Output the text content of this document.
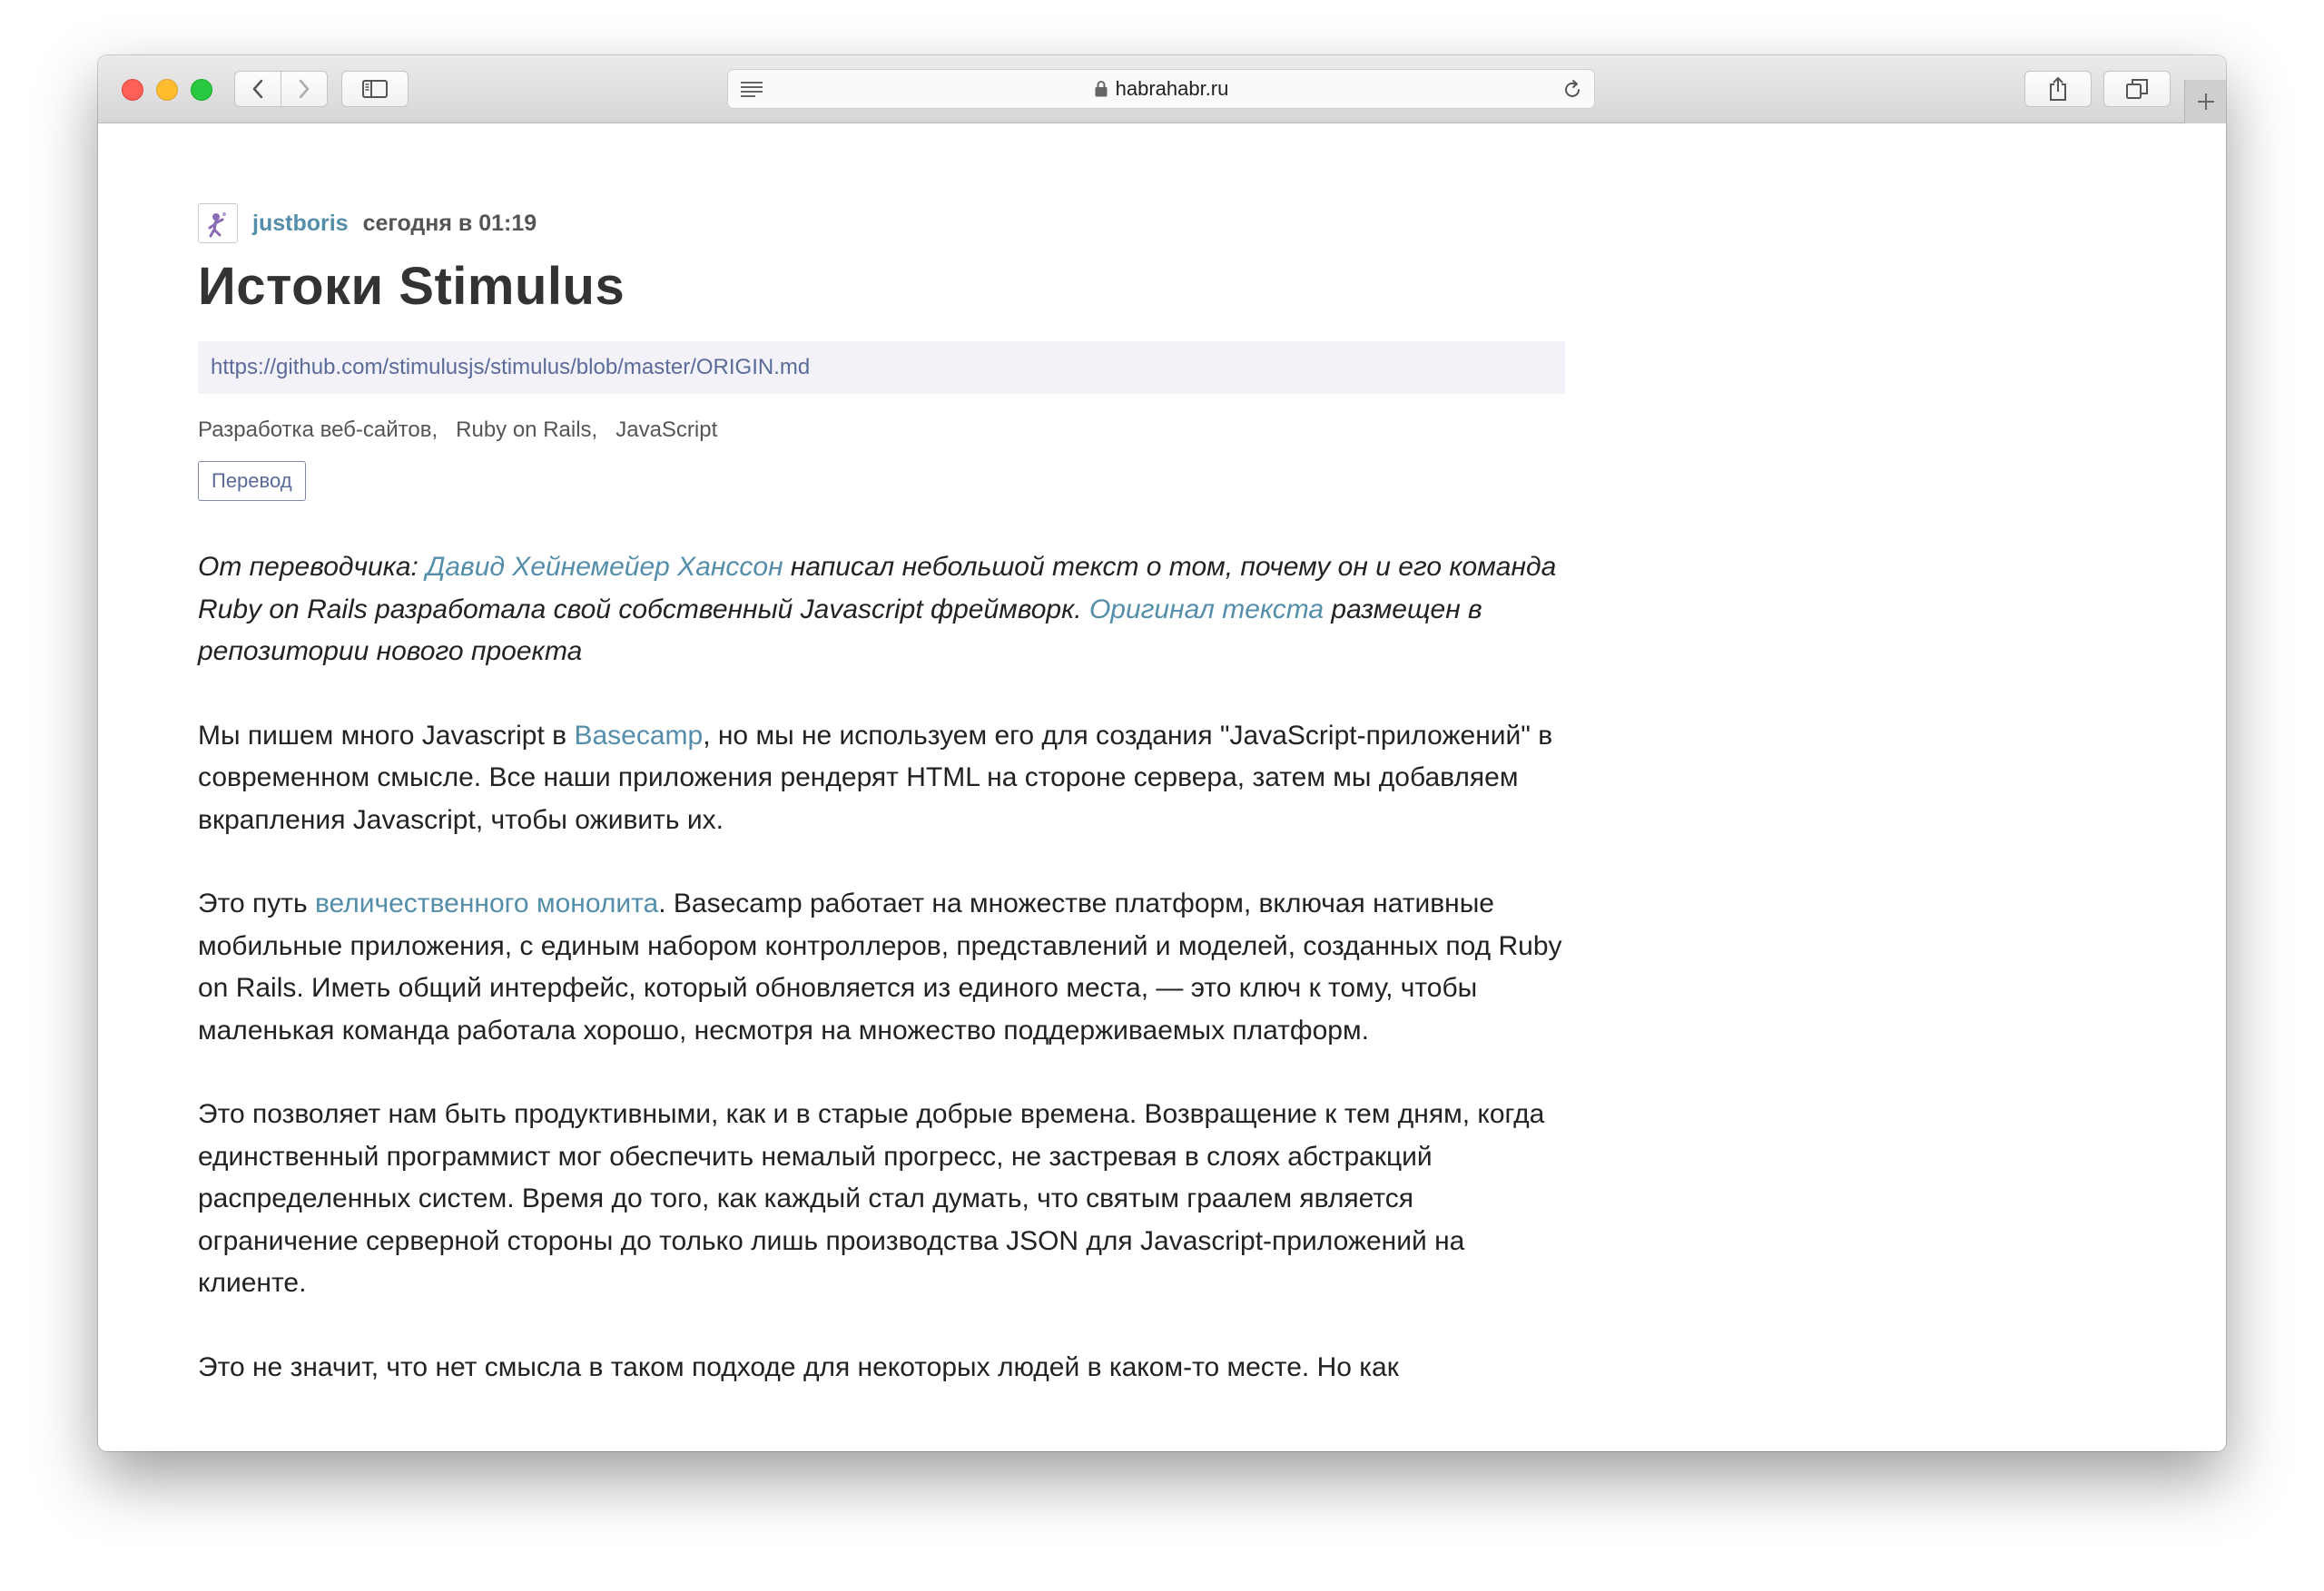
habrahabr.ru
justboris сегодня в 01:19
Истоки Stimulus
https://github.com/stimulusjs/stimulus/blob/master/ORIGIN.md
Разработка веб-сайтов, Ruby on Rails, JavaScript
Перевод

От переводчика: Давид Хейнемейер Ханссон написал небольшой текст о том, почему он и его команда Ruby on Rails разработала свой собственный Javascript фреймворк. Оригинал текста размещен в репозитории нового проекта

Мы пишем много Javascript в Basecamp, но мы не используем его для создания "JavaScript-приложений" в современном смысле. Все наши приложения рендерят HTML на стороне сервера, затем мы добавляем вкрапления Javascript, чтобы оживить их.

Это путь величественного монолита. Basecamp работает на множестве платформ, включая нативные мобильные приложения, с единым набором контроллеров, представлений и моделей, созданных под Ruby on Rails. Иметь общий интерфейс, который обновляется из единого места, — это ключ к тому, чтобы маленькая команда работала хорошо, несмотря на множество поддерживаемых платформ.

Это позволяет нам быть продуктивными, как и в старые добрые времена. Возвращение к тем дням, когда единственный программист мог обеспечить немалый прогресс, не застревая в слоях абстракций распределенных систем. Время до того, как каждый стал думать, что святым граалем является ограничение серверной стороны до только лишь производства JSON для Javascript-приложений на клиенте.

Это не значит, что нет смысла в таком подходе для некоторых людей в каком-то месте. Но как
